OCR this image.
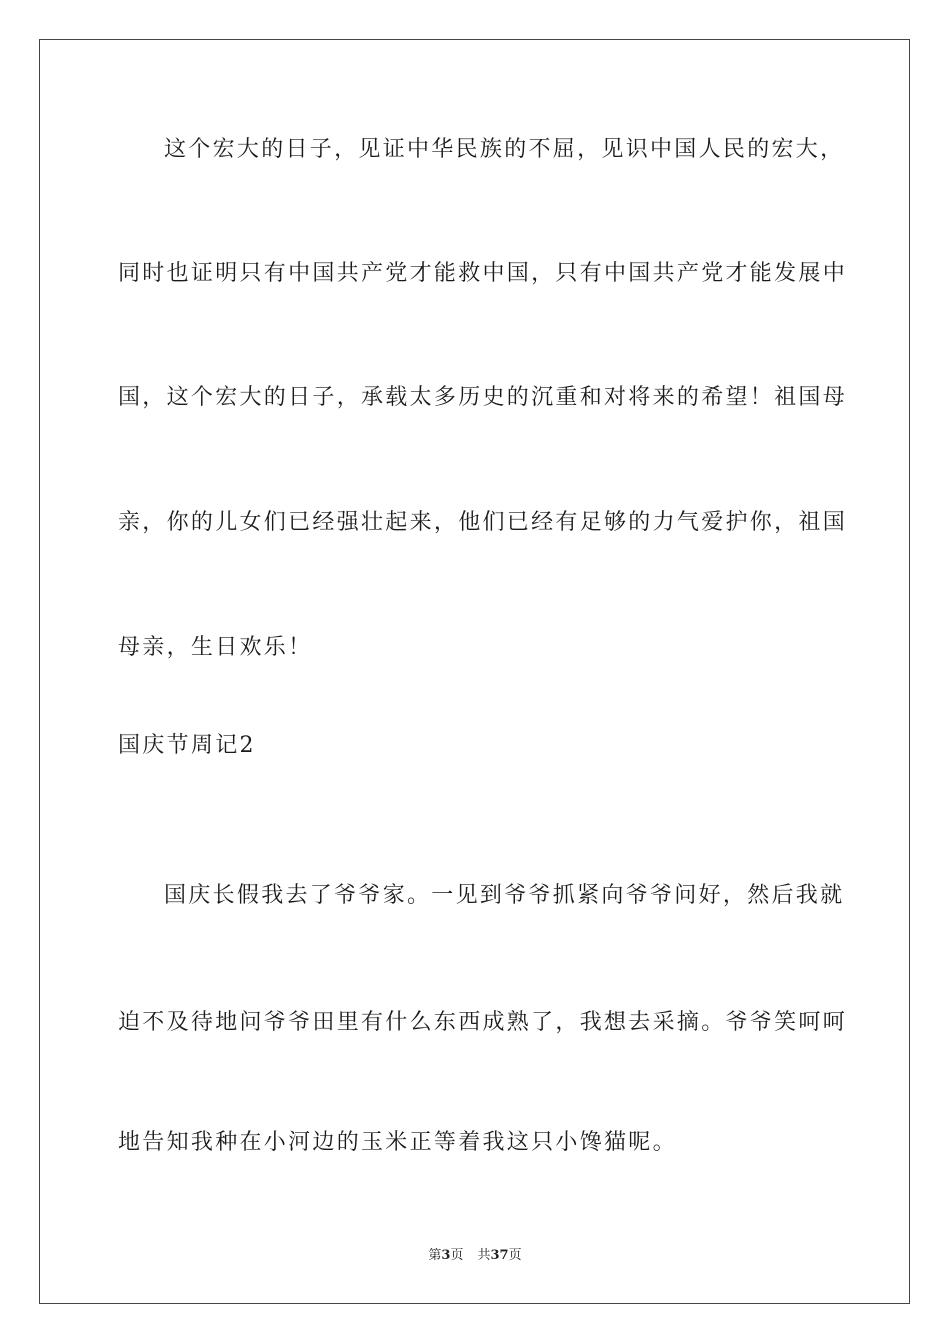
这个宏大的日子，见证中华民族的不屈，见识中国人民的宏大，
同时也证明只有中国共产党才能救中国，只有中国共产党才能发展中
国，这个宏大的日子，承载太多历史的沉重和对将来的希望！祖国母
亲，你的儿女们已经强壮起来，他们已经有足够的力气爱护你，祖国
母亲，生日欢乐！
国庆节周记2
国庆长假我去了爷爷家。一见到爷爷抓紧向爷爷问好，然后我就
迫不及待地问爷爷田里有什么东西成熟了，我想去采摘。爷爷笑呵呵
地告知我种在小河边的玉米正等着我这只小馋猫呢。
第3页 共37页
